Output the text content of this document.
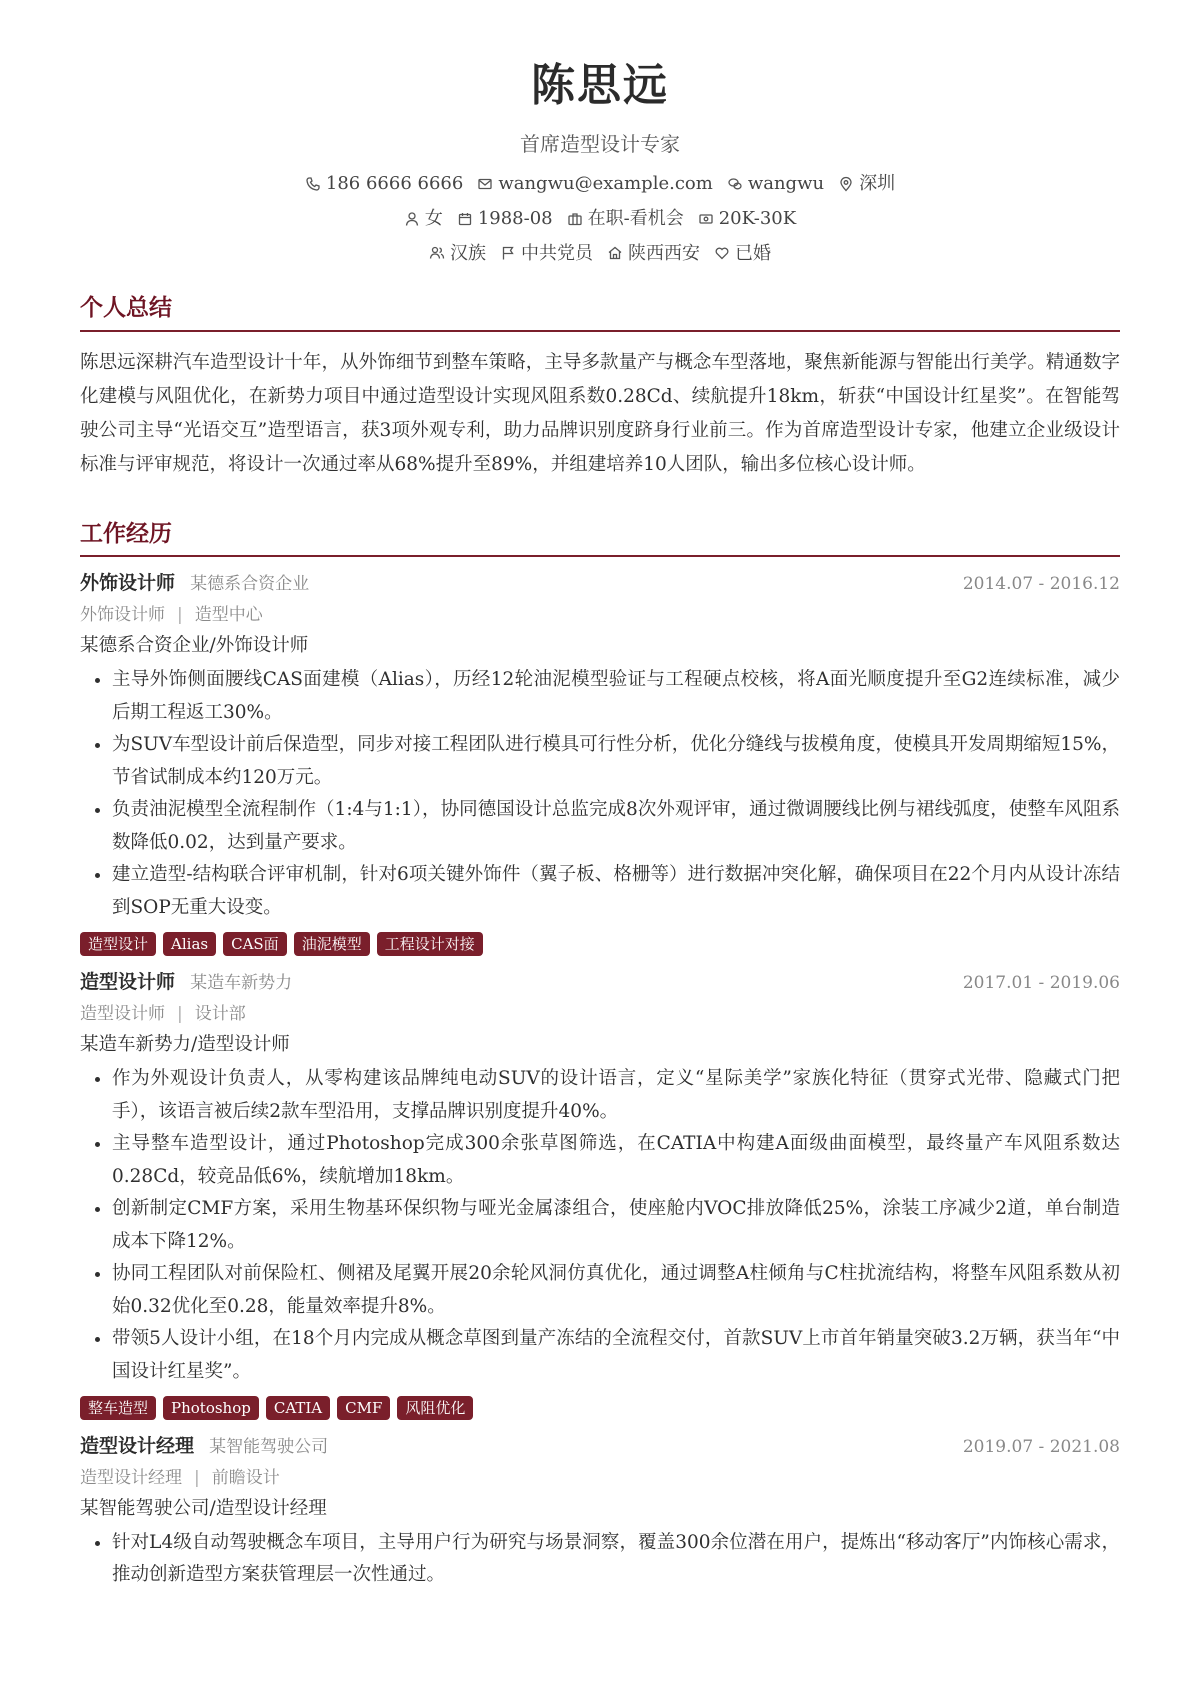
陈思远
首席造型设计专家
186 6666 6666 wangwu@example.com wangwu 深圳
女 1988-08 在职-看机会 20K-30K
汉族 中共党员 陕西西安 已婚
个人总结

陈思远深耕汽车造型设计十年，从外饰细节到整车策略，主导多款量产与概念车型落地，聚焦新能源与智能出行美学。精通数字化建模与风阻优化，在新势力项目中通过造型设计实现风阻系数0.28Cd、续航提升18km，斩获“中国设计红星奖”。在智能驾驶公司主导“光语交互”造型语言，获3项外观专利，助力品牌识别度跻身行业前三。作为首席造型设计专家，他建立企业级设计标准与评审规范，将设计一次通过率从68%提升至89%，并组建培养10人团队，输出多位核心设计师。

工作经历
外饰设计师 某德系合资企业	2014.07 - 2016.12
外饰设计师 | 造型中心
某德系合资企业/外饰设计师
• 主导外饰侧面腰线CAS面建模（Alias），历经12轮油泥模型验证与工程硬点校核，将A面光顺度提升至G2连续标准，减少后期工程返工30%。
• 为SUV车型设计前后保造型，同步对接工程团队进行模具可行性分析，优化分缝线与拔模角度，使模具开发周期缩短15%，节省试制成本约120万元。
• 负责油泥模型全流程制作（1:4与1:1），协同德国设计总监完成8次外观评审，通过微调腰线比例与裙线弧度，使整车风阻系数降低0.02，达到量产要求。
• 建立造型-结构联合评审机制，针对6项关键外饰件（翼子板、格栅等）进行数据冲突化解，确保项目在22个月内从设计冻结到SOP无重大设变。
造型设计	Alias	CAS面	油泥模型	工程设计对接
造型设计师 某造车新势力	2017.01 - 2019.06
造型设计师 | 设计部
某造车新势力/造型设计师
• 作为外观设计负责人，从零构建该品牌纯电动SUV的设计语言，定义“星际美学”家族化特征（贯穿式光带、隐藏式门把手），该语言被后续2款车型沿用，支撑品牌识别度提升40%。
• 主导整车造型设计，通过Photoshop完成300余张草图筛选，在CATIA中构建A面级曲面模型，最终量产车风阻系数达0.28Cd，较竞品低6%，续航增加18km。
• 创新制定CMF方案，采用生物基环保织物与哑光金属漆组合，使座舱内VOC排放降低25%，涂装工序减少2道，单台制造成本下降12%。
• 协同工程团队对前保险杠、侧裙及尾翼开展20余轮风洞仿真优化，通过调整A柱倾角与C柱扰流结构，将整车风阻系数从初始0.32优化至0.28，能量效率提升8%。
• 带领5人设计小组，在18个月内完成从概念草图到量产冻结的全流程交付，首款SUV上市首年销量突破3.2万辆，获当年“中国设计红星奖”。
整车造型	Photoshop	CATIA	CMF	风阻优化
造型设计经理 某智能驾驶公司	2019.07 - 2021.08
造型设计经理 | 前瞻设计
某智能驾驶公司/造型设计经理
• 针对L4级自动驾驶概念车项目，主导用户行为研究与场景洞察，覆盖300余位潜在用户，提炼出“移动客厅”内饰核心需求，推动创新造型方案获管理层一次性通过。
